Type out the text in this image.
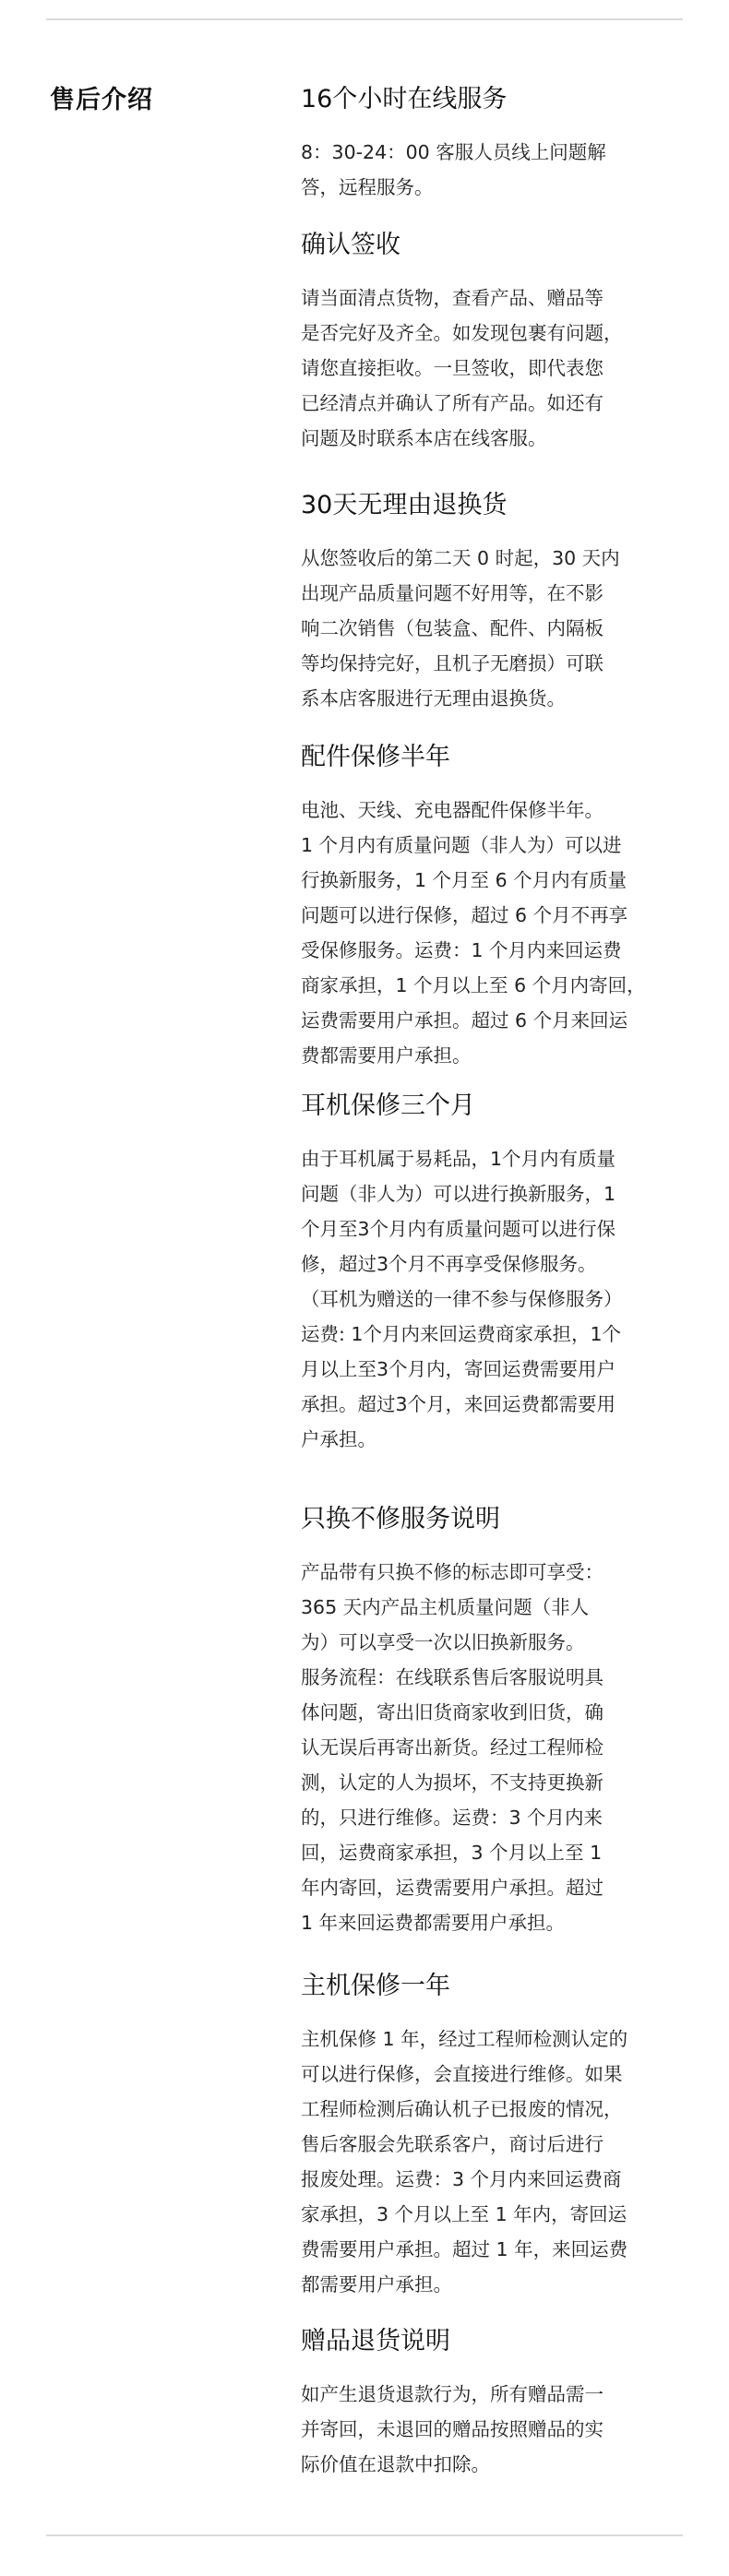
售后介绍	16个小时在线服务
8：30-24：00 客服人员线上问题解
答，远程服务。
确认签收
请当面清点货物，查看产品、赠品等
是否完好及齐全。如发现包裹有问题，
请您直接拒收。一旦签收，即代表您
已经清点并确认了所有产品。如还有
问题及时联系本店在线客服。
30天无理由退换货
从您签收后的第二天 0 时起，30 天内
出现产品质量问题不好用等，在不影
响二次销售（包装盒、配件、内隔板
等均保持完好，且机子无磨损）可联
系本店客服进行无理由退换货。
配件保修半年
电池、天线、充电器配件保修半年。
1 个月内有质量问题（非人为）可以进
行换新服务，1 个月至 6 个月内有质量
问题可以进行保修，超过 6 个月不再享
受保修服务。运费：1 个月内来回运费
商家承担，1 个月以上至 6 个月内寄回，
运费需要用户承担。超过 6 个月来回运
费都需要用户承担。
耳机保修三个月
由于耳机属于易耗品，1个月内有质量
问题（非人为）可以进行换新服务，1
个月至3个月内有质量问题可以进行保
修，超过3个月不再享受保修服务。
（耳机为赠送的一律不参与保修服务）
运费: 1个月内来回运费商家承担，1个
月以上至3个月内，寄回运费需要用户
承担。超过3个月，来回运费都需要用
户承担。
只换不修服务说明
产品带有只换不修的标志即可享受：
365 天内产品主机质量问题（非人
为）可以享受一次以旧换新服务。
服务流程：在线联系售后客服说明具
体问题，寄出旧货商家收到旧货，确
认无误后再寄出新货。经过工程师检
测，认定的人为损坏，不支持更换新
的，只进行维修。运费：3 个月内来
回，运费商家承担，3 个月以上至 1
年内寄回，运费需要用户承担。超过
1 年来回运费都需要用户承担。
主机保修一年
主机保修 1 年，经过工程师检测认定的
可以进行保修，会直接进行维修。如果
工程师检测后确认机子已报废的情况，
售后客服会先联系客户，商讨后进行
报废处理。运费：3 个月内来回运费商
家承担，3 个月以上至 1 年内，寄回运
费需要用户承担。超过 1 年，来回运费
都需要用户承担。
赠品退货说明
如产生退货退款行为，所有赠品需一
并寄回，未退回的赠品按照赠品的实
际价值在退款中扣除。
